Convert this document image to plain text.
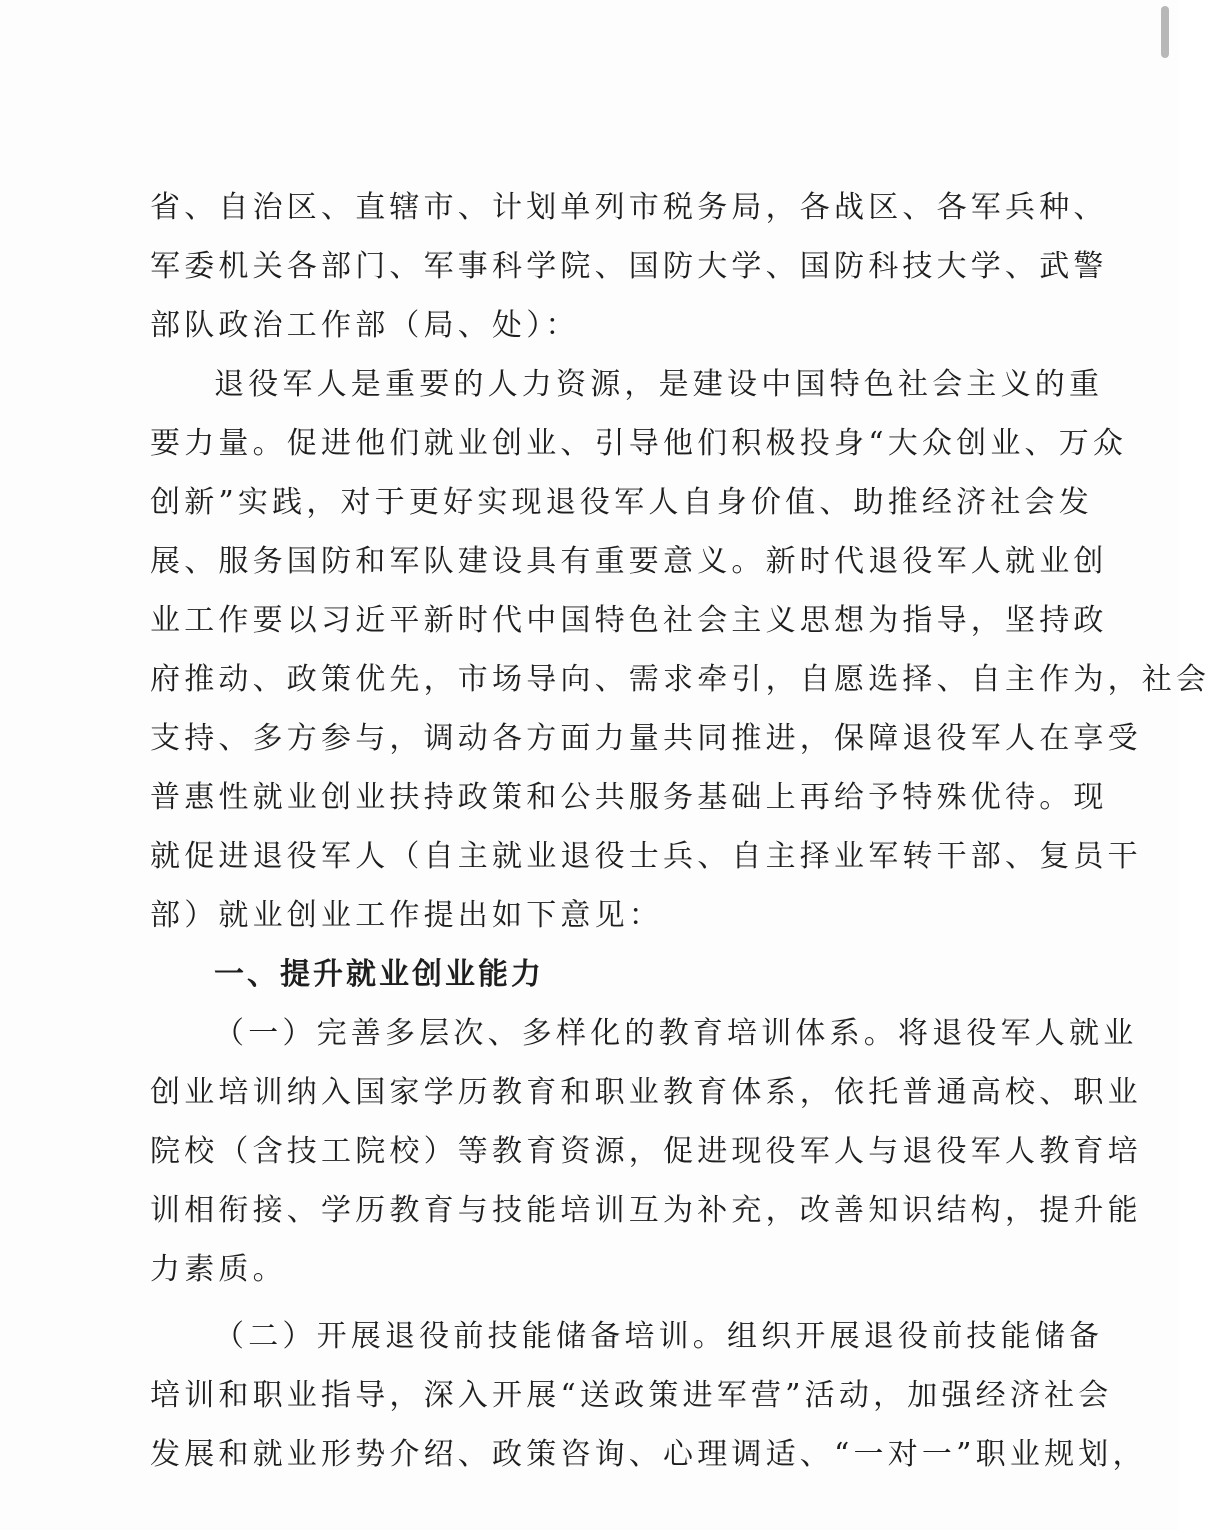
省、自治区、直辖市、计划单列市税务局，各战区、各军兵种、
军委机关各部门、军事科学院、国防大学、国防科技大学、武警
部队政治工作部（局、处）：
退役军人是重要的人力资源，是建设中国特色社会主义的重
要力量。促进他们就业创业、引导他们积极投身“大众创业、万众
创新”实践，对于更好实现退役军人自身价值、助推经济社会发
展、服务国防和军队建设具有重要意义。新时代退役军人就业创
业工作要以习近平新时代中国特色社会主义思想为指导，坚持政
府推动、政策优先，市场导向、需求牵引，自愿选择、自主作为，社会
支持、多方参与，调动各方面力量共同推进，保障退役军人在享受
普惠性就业创业扶持政策和公共服务基础上再给予特殊优待。现
就促进退役军人（自主就业退役士兵、自主择业军转干部、复员干
部）就业创业工作提出如下意见：
一、提升就业创业能力
（一）完善多层次、多样化的教育培训体系。将退役军人就业
创业培训纳入国家学历教育和职业教育体系，依托普通高校、职业
院校（含技工院校）等教育资源，促进现役军人与退役军人教育培
训相衔接、学历教育与技能培训互为补充，改善知识结构，提升能
力素质。
（二）开展退役前技能储备培训。组织开展退役前技能储备
培训和职业指导，深入开展“送政策进军营”活动，加强经济社会
发展和就业形势介绍、政策咨询、心理调适、“一对一”职业规划，
